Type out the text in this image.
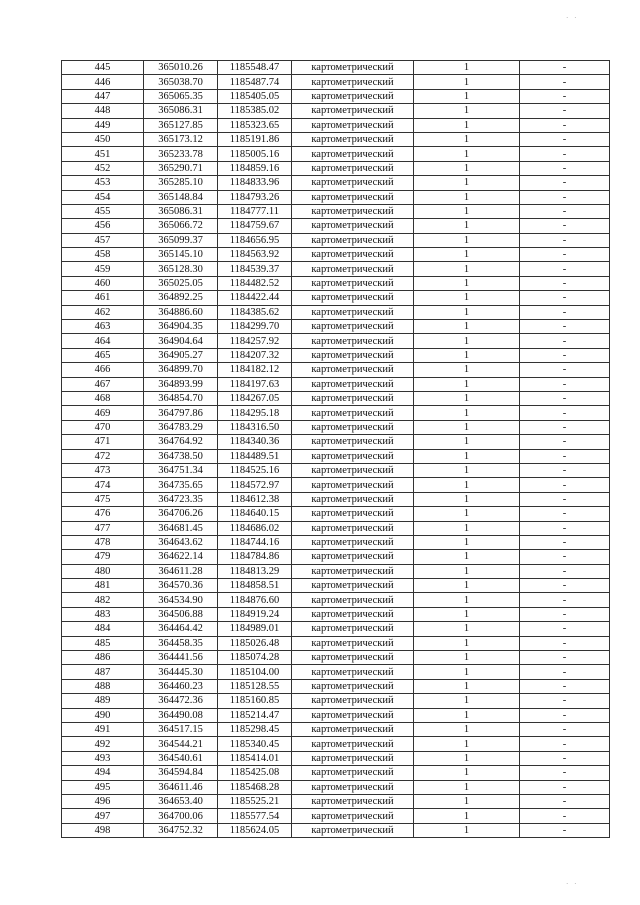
· ·
445	365010.26	1185548.47	картометрический	1	-
446	365038.70	1185487.74	картометрический	1	-
447	365065.35	1185405.05	картометрический	1	-
448	365086.31	1185385.02	картометрический	1	-
449	365127.85	1185323.65	картометрический	1	-
450	365173.12	1185191.86	картометрический	1	-
451	365233.78	1185005.16	картометрический	1	-
452	365290.71	1184859.16	картометрический	1	-
453	365285.10	1184833.96	картометрический	1	-
454	365148.84	1184793.26	картометрический	1	-
455	365086.31	1184777.11	картометрический	1	-
456	365066.72	1184759.67	картометрический	1	-
457	365099.37	1184656.95	картометрический	1	-
458	365145.10	1184563.92	картометрический	1	-
459	365128.30	1184539.37	картометрический	1	-
460	365025.05	1184482.52	картометрический	1	-
461	364892.25	1184422.44	картометрический	1	-
462	364886.60	1184385.62	картометрический	1	-
463	364904.35	1184299.70	картометрический	1	-
464	364904.64	1184257.92	картометрический	1	-
465	364905.27	1184207.32	картометрический	1	-
466	364899.70	1184182.12	картометрический	1	-
467	364893.99	1184197.63	картометрический	1	-
468	364854.70	1184267.05	картометрический	1	-
469	364797.86	1184295.18	картометрический	1	-
470	364783.29	1184316.50	картометрический	1	-
471	364764.92	1184340.36	картометрический	1	-
472	364738.50	1184489.51	картометрический	1	-
473	364751.34	1184525.16	картометрический	1	-
474	364735.65	1184572.97	картометрический	1	-
475	364723.35	1184612.38	картометрический	1	-
476	364706.26	1184640.15	картометрический	1	-
477	364681.45	1184686.02	картометрический	1	-
478	364643.62	1184744.16	картометрический	1	-
479	364622.14	1184784.86	картометрический	1	-
480	364611.28	1184813.29	картометрический	1	-
481	364570.36	1184858.51	картометрический	1	-
482	364534.90	1184876.60	картометрический	1	-
483	364506.88	1184919.24	картометрический	1	-
484	364464.42	1184989.01	картометрический	1	-
485	364458.35	1185026.48	картометрический	1	-
486	364441.56	1185074.28	картометрический	1	-
487	364445.30	1185104.00	картометрический	1	-
488	364460.23	1185128.55	картометрический	1	-
489	364472.36	1185160.85	картометрический	1	-
490	364490.08	1185214.47	картометрический	1	-
491	364517.15	1185298.45	картометрический	1	-
492	364544.21	1185340.45	картометрический	1	-
493	364540.61	1185414.01	картометрический	1	-
494	364594.84	1185425.08	картометрический	1	-
495	364611.46	1185468.28	картометрический	1	-
496	364653.40	1185525.21	картометрический	1	-
497	364700.06	1185577.54	картометрический	1	-
498	364752.32	1185624.05	картометрический	1	-
· ·
